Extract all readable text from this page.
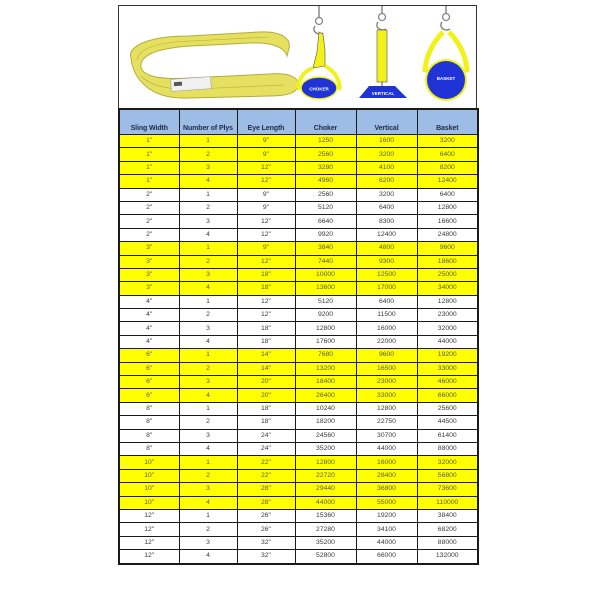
CHOKER
VERTICAL
BASKET
Sling Width	Number of Plys	Eye Length	Choker	Vertical	Basket
1"	1	9"	1250	1600	3200
1"	2	9"	2560	3200	6400
1"	3	12"	3280	4100	8200
1"	4	12"	4960	6200	12400
2"	1	9"	2560	3200	6400
2"	2	9"	5120	6400	12800
2"	3	12"	6640	8300	16600
2"	4	12"	9920	12400	24800
3"	1	9"	3840	4800	9600
3"	2	12"	7440	9300	18600
3"	3	18"	10000	12500	25000
3"	4	18"	13600	17000	34000
4"	1	12"	5120	6400	12800
4"	2	12"	9200	11500	23000
4"	3	18"	12800	16000	32000
4"	4	18"	17600	22000	44000
6"	1	14"	7680	9600	19200
6"	2	14"	13200	16500	33000
6"	3	20"	18400	23000	46000
6"	4	20"	26400	33000	66000
8"	1	18"	10240	12800	25600
8"	2	18"	18200	22750	44500
8"	3	24"	24560	30700	61400
8"	4	24"	35200	44000	88000
10"	1	22"	12800	16000	32000
10"	2	22"	22720	28400	56800
10"	3	28"	29440	36800	73600
10"	4	28"	44000	55000	110000
12"	1	26"	15360	19200	38400
12"	2	26"	27280	34100	68200
12"	3	32"	35200	44000	88000
12"	4	32"	52800	66000	132000
